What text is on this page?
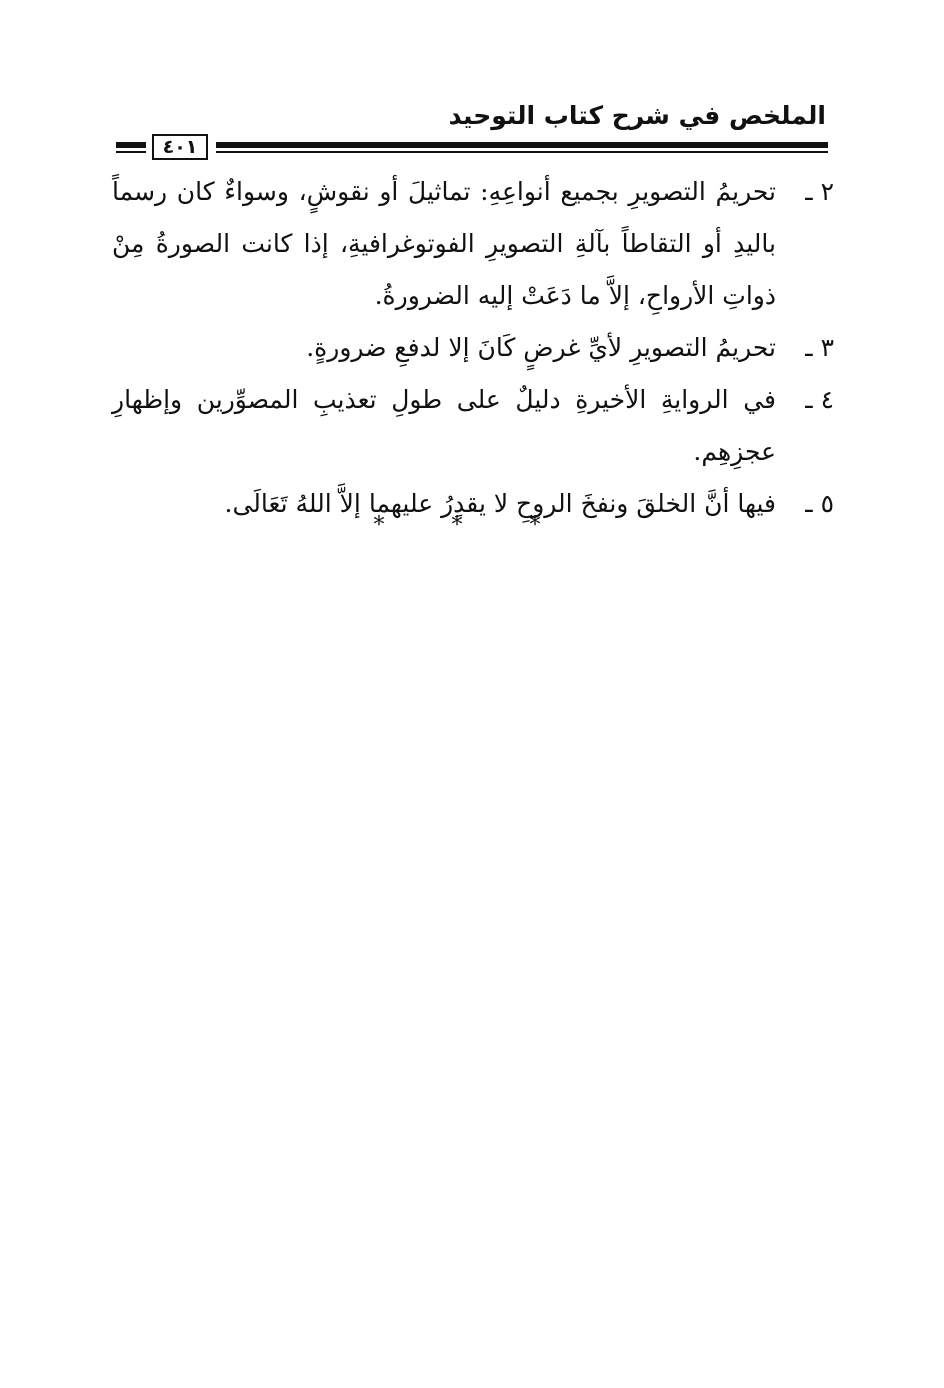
الملخص في شرح كتاب التوحيد
٤٠١

٢ ـ
تحريمُ التصويرِ بجميع أنواعِهِ: تماثيلَ أو نقوشٍ، وسواءٌ كان رسماً باليدِ أو التقاطاً بآلةِ التصويرِ الفوتوغرافيةِ، إذا كانت الصورةُ مِنْ ذواتِ الأرواحِ، إلاَّ ما دَعَتْ إليه الضرورةُ.

٣ ـ
تحريمُ التصويرِ لأيِّ غرضٍ كَانَ إلا لدفعِ ضرورةٍ.

٤ ـ
في الروايةِ الأخيرةِ دليلٌ على طولِ تعذيبِ المصوِّرين وإظهارِ عجزِهِم.

٥ ـ
فيها أنَّ الخلقَ ونفخَ الروحِ لا يقدِرُ عليهما إلاَّ اللهُ تَعَالَى.

* * *
